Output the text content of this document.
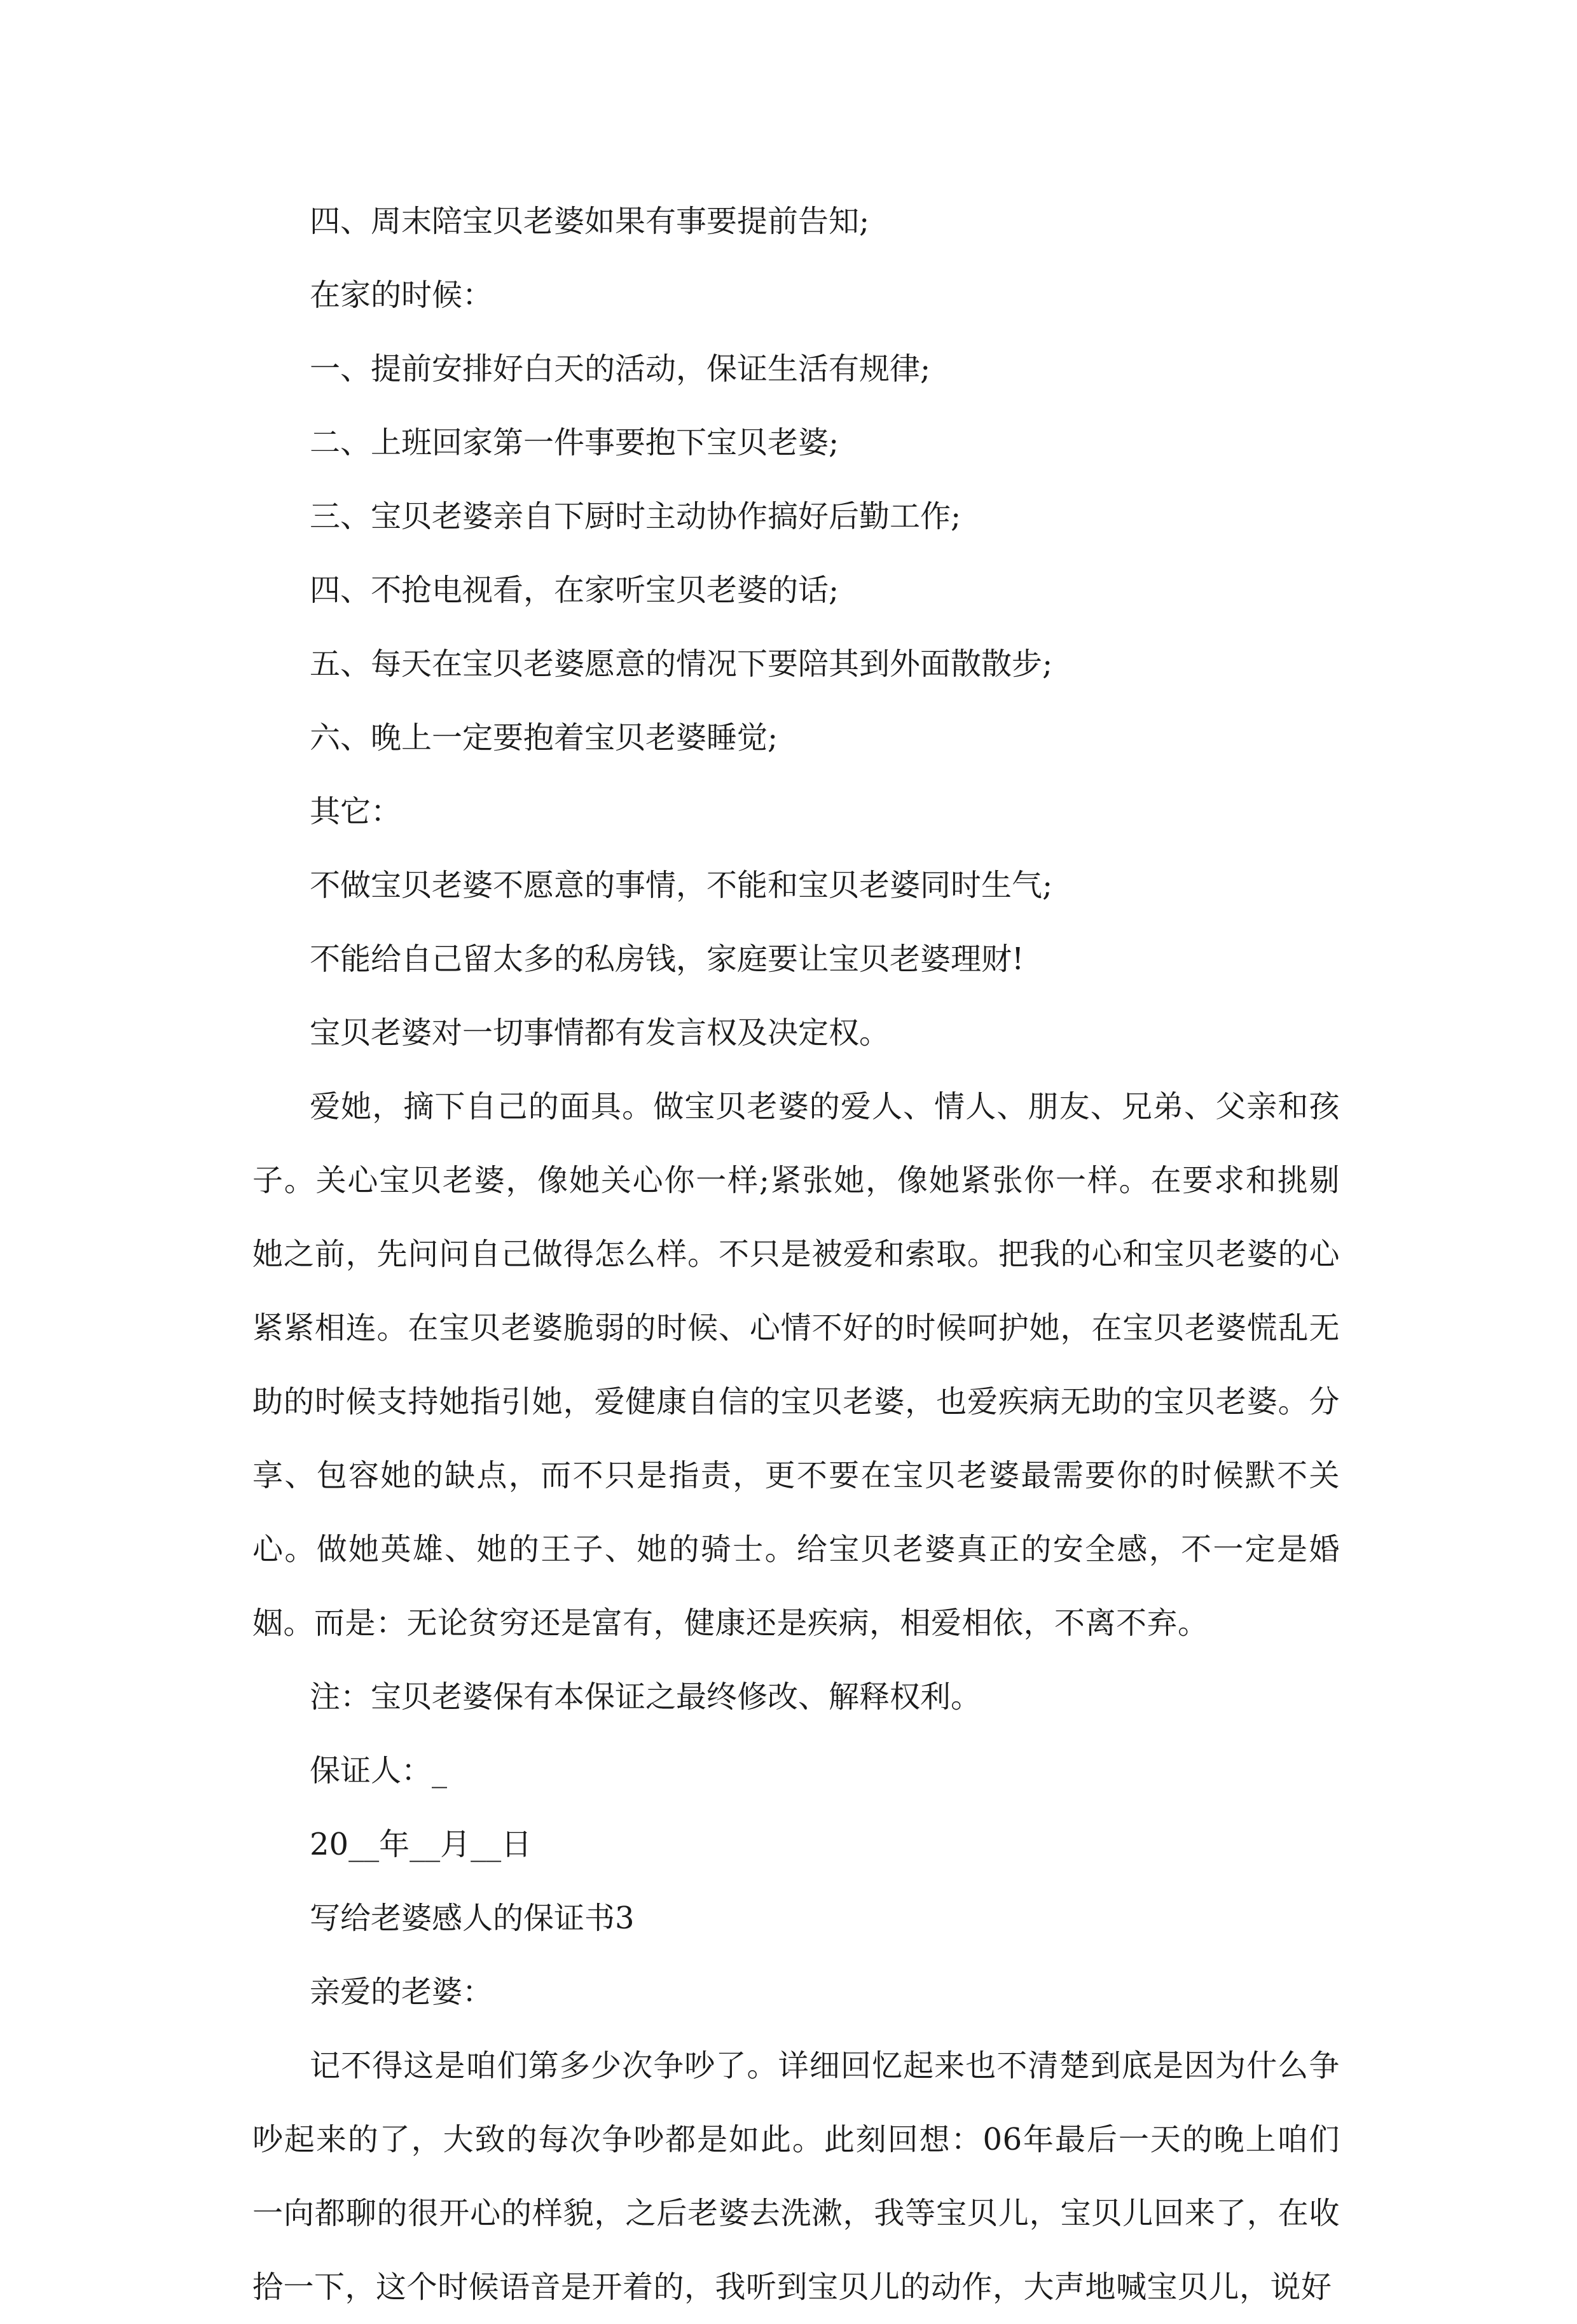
四、周末陪宝贝老婆如果有事要提前告知;

在家的时候：

一、提前安排好白天的活动，保证生活有规律;

二、上班回家第一件事要抱下宝贝老婆;

三、宝贝老婆亲自下厨时主动协作搞好后勤工作;

四、不抢电视看，在家听宝贝老婆的话;

五、每天在宝贝老婆愿意的情况下要陪其到外面散散步;

六、晚上一定要抱着宝贝老婆睡觉;

其它：

不做宝贝老婆不愿意的事情，不能和宝贝老婆同时生气;

不能给自己留太多的私房钱，家庭要让宝贝老婆理财!

宝贝老婆对一切事情都有发言权及决定权。

爱她，摘下自己的面具。做宝贝老婆的爱人、情人、朋友、兄弟、父亲和孩子。关心宝贝老婆，像她关心你一样;紧张她，像她紧张你一样。在要求和挑剔她之前，先问问自己做得怎么样。不只是被爱和索取。把我的心和宝贝老婆的心紧紧相连。在宝贝老婆脆弱的时候、心情不好的时候呵护她，在宝贝老婆慌乱无助的时候支持她指引她，爱健康自信的宝贝老婆，也爱疾病无助的宝贝老婆。分享、包容她的缺点，而不只是指责，更不要在宝贝老婆最需要你的时候默不关心。做她英雄、她的王子、她的骑士。给宝贝老婆真正的安全感，不一定是婚姻。而是：无论贫穷还是富有，健康还是疾病，相爱相依，不离不弃。

注：宝贝老婆保有本保证之最终修改、解释权利。

保证人：_

20__年__月__日

写给老婆感人的保证书3

亲爱的老婆：

记不得这是咱们第多少次争吵了。详细回忆起来也不清楚到底是因为什么争吵起来的了，大致的每次争吵都是如此。此刻回想：06年最后一天的晚上咱们一向都聊的很开心的样貌，之后老婆去洗漱，我等宝贝儿，宝贝儿回来了，在收拾一下，这个时候语音是开着的，我听到宝贝儿的动作，大声地喊宝贝儿，说好
